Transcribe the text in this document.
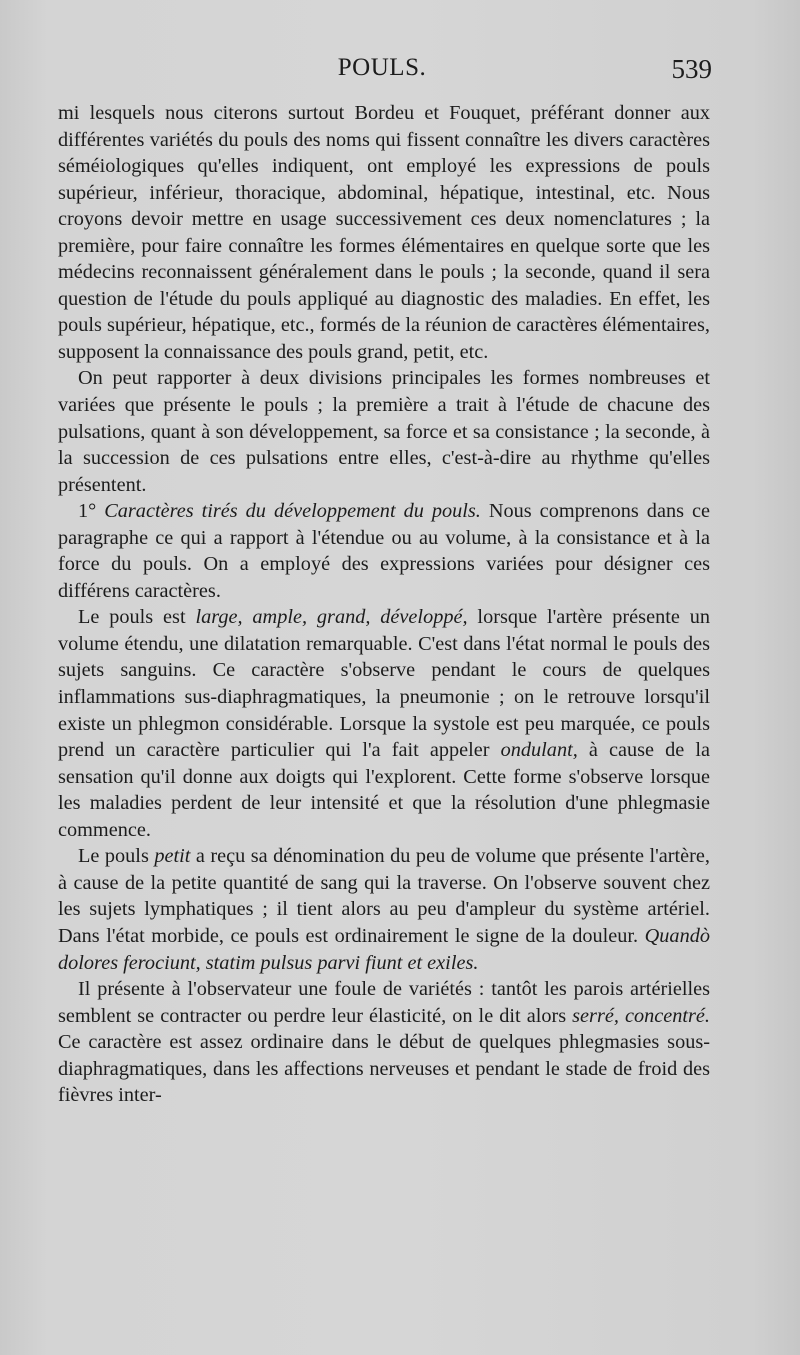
POULS.	539

mi lesquels nous citerons surtout Bordeu et Fouquet, préférant donner aux différentes variétés du pouls des noms qui fissent connaître les divers caractères séméiologiques qu'elles indiquent, ont employé les expressions de pouls supérieur, inférieur, thoracique, abdominal, hépatique, intestinal, etc. Nous croyons devoir mettre en usage successivement ces deux nomenclatures ; la première, pour faire connaître les formes élémentaires en quelque sorte que les médecins reconnaissent généralement dans le pouls ; la seconde, quand il sera question de l'étude du pouls appliqué au diagnostic des maladies. En effet, les pouls supérieur, hépatique, etc., formés de la réunion de caractères élémentaires, supposent la connaissance des pouls grand, petit, etc.

On peut rapporter à deux divisions principales les formes nombreuses et variées que présente le pouls ; la première a trait à l'étude de chacune des pulsations, quant à son développement, sa force et sa consistance ; la seconde, à la succession de ces pulsations entre elles, c'est-à-dire au rhythme qu'elles présentent.

1° Caractères tirés du développement du pouls. Nous comprenons dans ce paragraphe ce qui a rapport à l'étendue ou au volume, à la consistance et à la force du pouls. On a employé des expressions variées pour désigner ces différens caractères.

Le pouls est large, ample, grand, développé, lorsque l'artère présente un volume étendu, une dilatation remarquable. C'est dans l'état normal le pouls des sujets sanguins. Ce caractère s'observe pendant le cours de quelques inflammations sus-diaphragmatiques, la pneumonie ; on le retrouve lorsqu'il existe un phlegmon considérable. Lorsque la systole est peu marquée, ce pouls prend un caractère particulier qui l'a fait appeler ondulant, à cause de la sensation qu'il donne aux doigts qui l'explorent. Cette forme s'observe lorsque les maladies perdent de leur intensité et que la résolution d'une phlegmasie commence.

Le pouls petit a reçu sa dénomination du peu de volume que présente l'artère, à cause de la petite quantité de sang qui la traverse. On l'observe souvent chez les sujets lymphatiques ; il tient alors au peu d'ampleur du système artériel. Dans l'état morbide, ce pouls est ordinairement le signe de la douleur. Quandò dolores ferociunt, statim pulsus parvi fiunt et exiles.

Il présente à l'observateur une foule de variétés : tantôt les parois artérielles semblent se contracter ou perdre leur élasticité, on le dit alors serré, concentré. Ce caractère est assez ordinaire dans le début de quelques phlegmasies sous-diaphragmatiques, dans les affections nerveuses et pendant le stade de froid des fièvres inter-
